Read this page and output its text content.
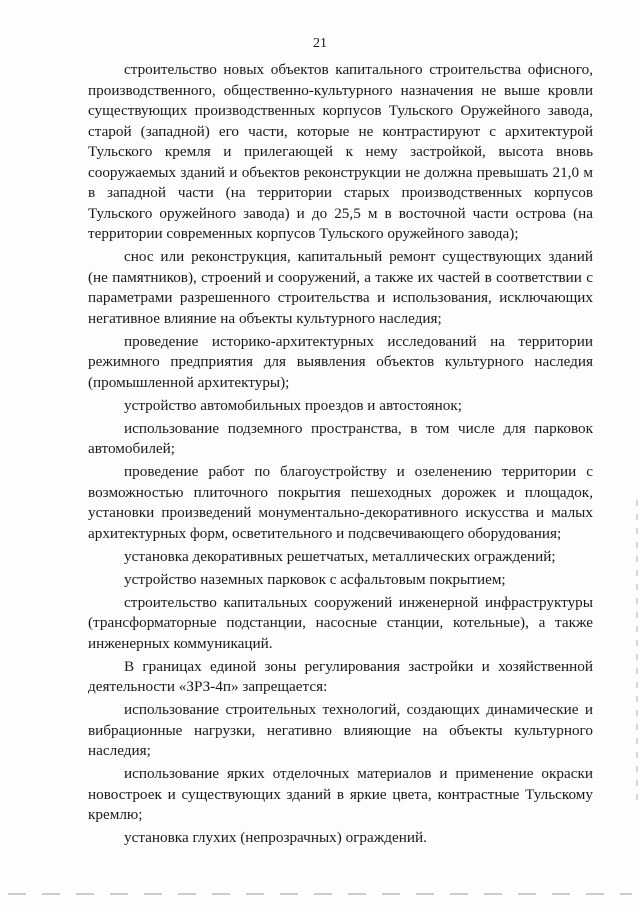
21

строительство новых объектов капитального строительства офисного, производственного, общественно-культурного назначения не выше кровли существующих производственных корпусов Тульского Оружейного завода, старой (западной) его части, которые не контрастируют с архитектурой Тульского кремля и прилегающей к нему застройкой, высота вновь сооружаемых зданий и объектов реконструкции не должна превышать 21,0 м в западной части (на территории старых производственных корпусов Тульского оружейного завода) и до 25,5 м в восточной части острова (на территории современных корпусов Тульского оружейного завода);

снос или реконструкция, капитальный ремонт существующих зданий (не памятников), строений и сооружений, а также их частей в соответствии с параметрами разрешенного строительства и использования, исключающих негативное влияние на объекты культурного наследия;

проведение историко-архитектурных исследований на территории режимного предприятия для выявления объектов культурного наследия (промышленной архитектуры);

устройство автомобильных проездов и автостоянок;

использование подземного пространства, в том числе для парковок автомобилей;

проведение работ по благоустройству и озеленению территории с возможностью плиточного покрытия пешеходных дорожек и площадок, установки произведений монументально-декоративного искусства и малых архитектурных форм, осветительного и подсвечивающего оборудования;

установка декоративных решетчатых, металлических ограждений;

устройство наземных парковок с асфальтовым покрытием;

строительство капитальных сооружений инженерной инфраструктуры (трансформаторные подстанции, насосные станции, котельные), а также инженерных коммуникаций.

В границах единой зоны регулирования застройки и хозяйственной деятельности «ЗРЗ-4п» запрещается:

использование строительных технологий, создающих динамические и вибрационные нагрузки, негативно влияющие на объекты культурного наследия;

использование ярких отделочных материалов и применение окраски новостроек и существующих зданий в яркие цвета, контрастные Тульскому кремлю;

установка глухих (непрозрачных) ограждений.
